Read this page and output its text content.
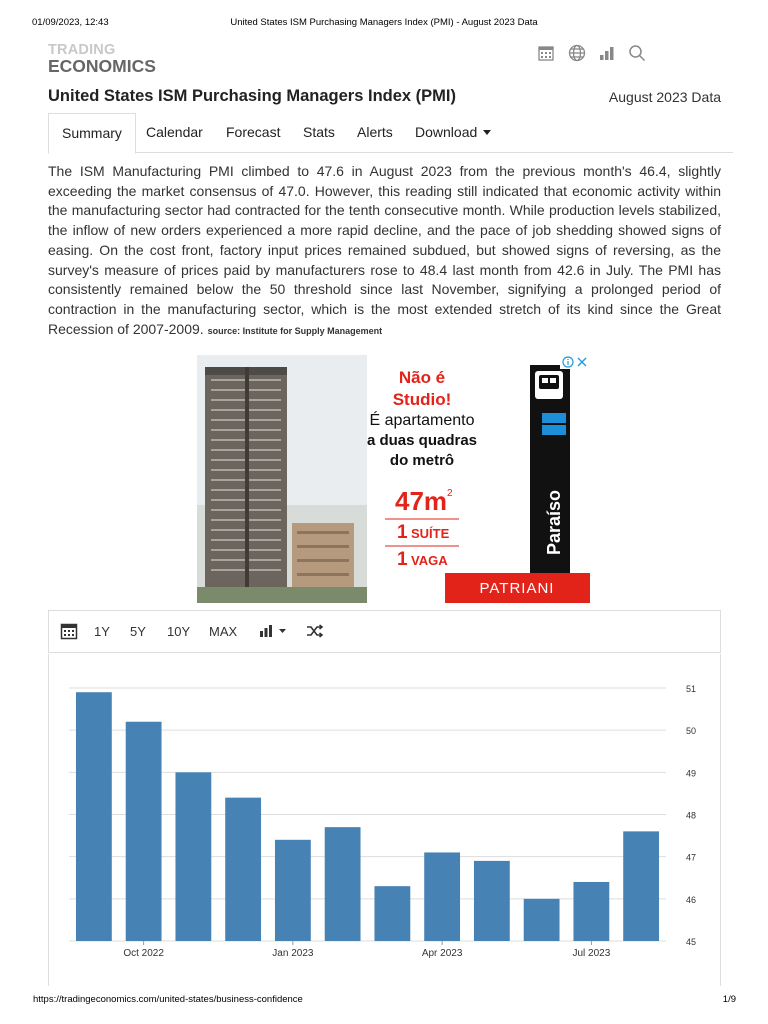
01/09/2023, 12:43	United States ISM Purchasing Managers Index (PMI) - August 2023 Data
TRADING
ECONOMICS
United States ISM Purchasing Managers Index (PMI)	August 2023 Data
Summary	Calendar Forecast Stats Alerts Download

The ISM Manufacturing PMI climbed to 47.6 in August 2023 from the previous month's 46.4, slightly exceeding the market consensus of 47.0. However, this reading still indicated that economic activity within the manufacturing sector had contracted for the tenth consecutive month. While production levels stabilized, the inflow of new orders experienced a more rapid decline, and the pace of job shedding showed signs of easing. On the cost front, factory input prices remained subdued, but showed signs of reversing, as the survey's measure of prices paid by manufacturers rose to 48.4 last month from 42.6 in July. The PMI has consistently remained below the 50 threshold since last November, signifying a prolonged period of contraction in the manufacturing sector, which is the most extended stretch of its kind since the Great Recession of 2007-2009. source: Institute for Supply Management

Não é
Studio!
É apartamento
a duas quadras
do metrô
47m 2
1 SUÍTE
1 VAGA
Paraíso
PATRIANI
1Y 5Y 10Y MAX
45
46
47
48
49
50
51
Oct 2022	Jan 2023	Apr 2023	Jul 2023
https://tradingeconomics.com/united-states/business-confidence	1/9
